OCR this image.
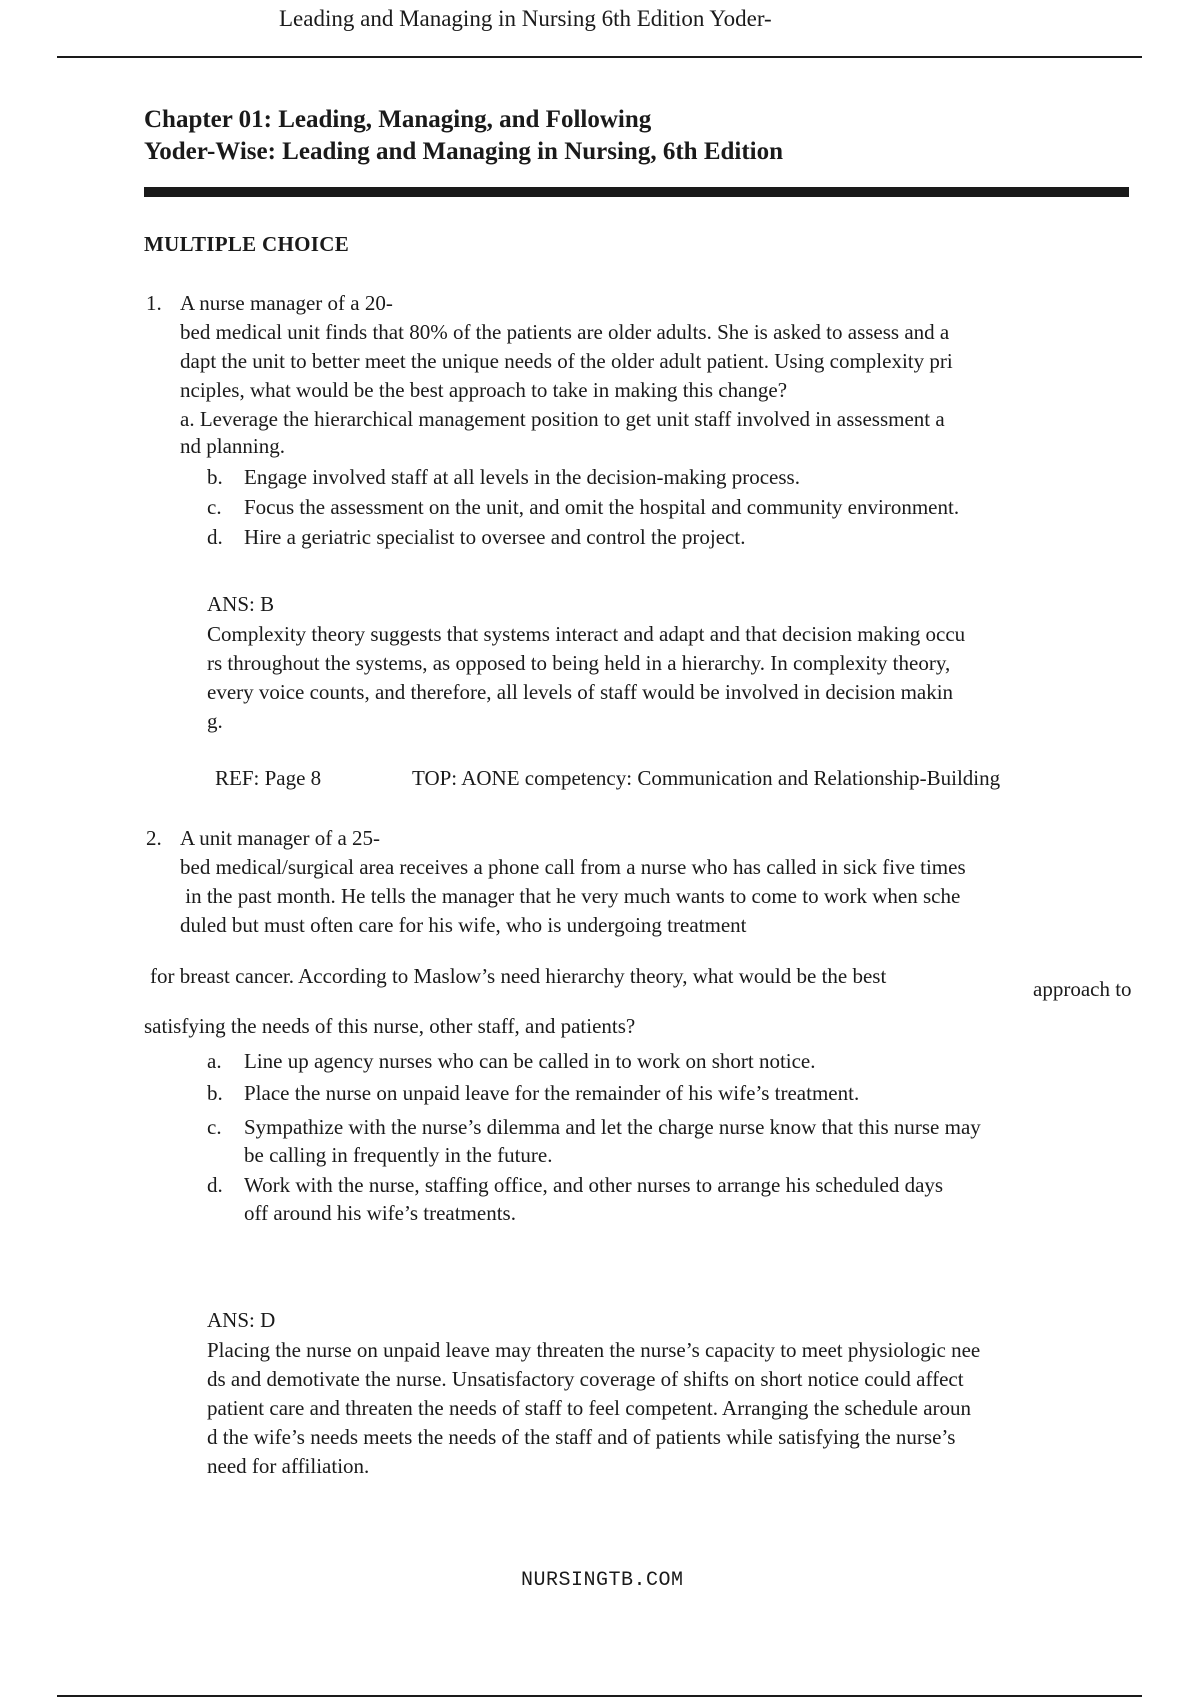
Leading and Managing in Nursing 6th Edition Yoder-
Chapter 01: Leading, Managing, and Following
Yoder-Wise: Leading and Managing in Nursing, 6th Edition
MULTIPLE CHOICE
1. A nurse manager of a 20-
bed medical unit finds that 80% of the patients are older adults. She is asked to assess and a
dapt the unit to better meet the unique needs of the older adult patient. Using complexity pri
nciples, what would be the best approach to take in making this change?
a. Leverage the hierarchical management position to get unit staff involved in assessment a
nd planning.
b. Engage involved staff at all levels in the decision-making process.
c. Focus the assessment on the unit, and omit the hospital and community environment.
d. Hire a geriatric specialist to oversee and control the project.
ANS: B
Complexity theory suggests that systems interact and adapt and that decision making occu
rs throughout the systems, as opposed to being held in a hierarchy. In complexity theory,
every voice counts, and therefore, all levels of staff would be involved in decision makin
g.
REF: Page 8	TOP: AONE competency: Communication and Relationship-Building
2. A unit manager of a 25-
bed medical/surgical area receives a phone call from a nurse who has called in sick five times
in the past month. He tells the manager that he very much wants to come to work when sche
duled but must often care for his wife, who is undergoing treatment
for breast cancer. According to Maslow’s need hierarchy theory, what would be the best
approach to
satisfying the needs of this nurse, other staff, and patients?
a. Line up agency nurses who can be called in to work on short notice.
b. Place the nurse on unpaid leave for the remainder of his wife’s treatment.
c. Sympathize with the nurse’s dilemma and let the charge nurse know that this nurse may
be calling in frequently in the future.
d. Work with the nurse, staffing office, and other nurses to arrange his scheduled days
off around his wife’s treatments.
ANS: D
Placing the nurse on unpaid leave may threaten the nurse’s capacity to meet physiologic nee
ds and demotivate the nurse. Unsatisfactory coverage of shifts on short notice could affect
patient care and threaten the needs of staff to feel competent. Arranging the schedule aroun
d the wife’s needs meets the needs of the staff and of patients while satisfying the nurse’s
need for affiliation.
NURSINGTB.COM
